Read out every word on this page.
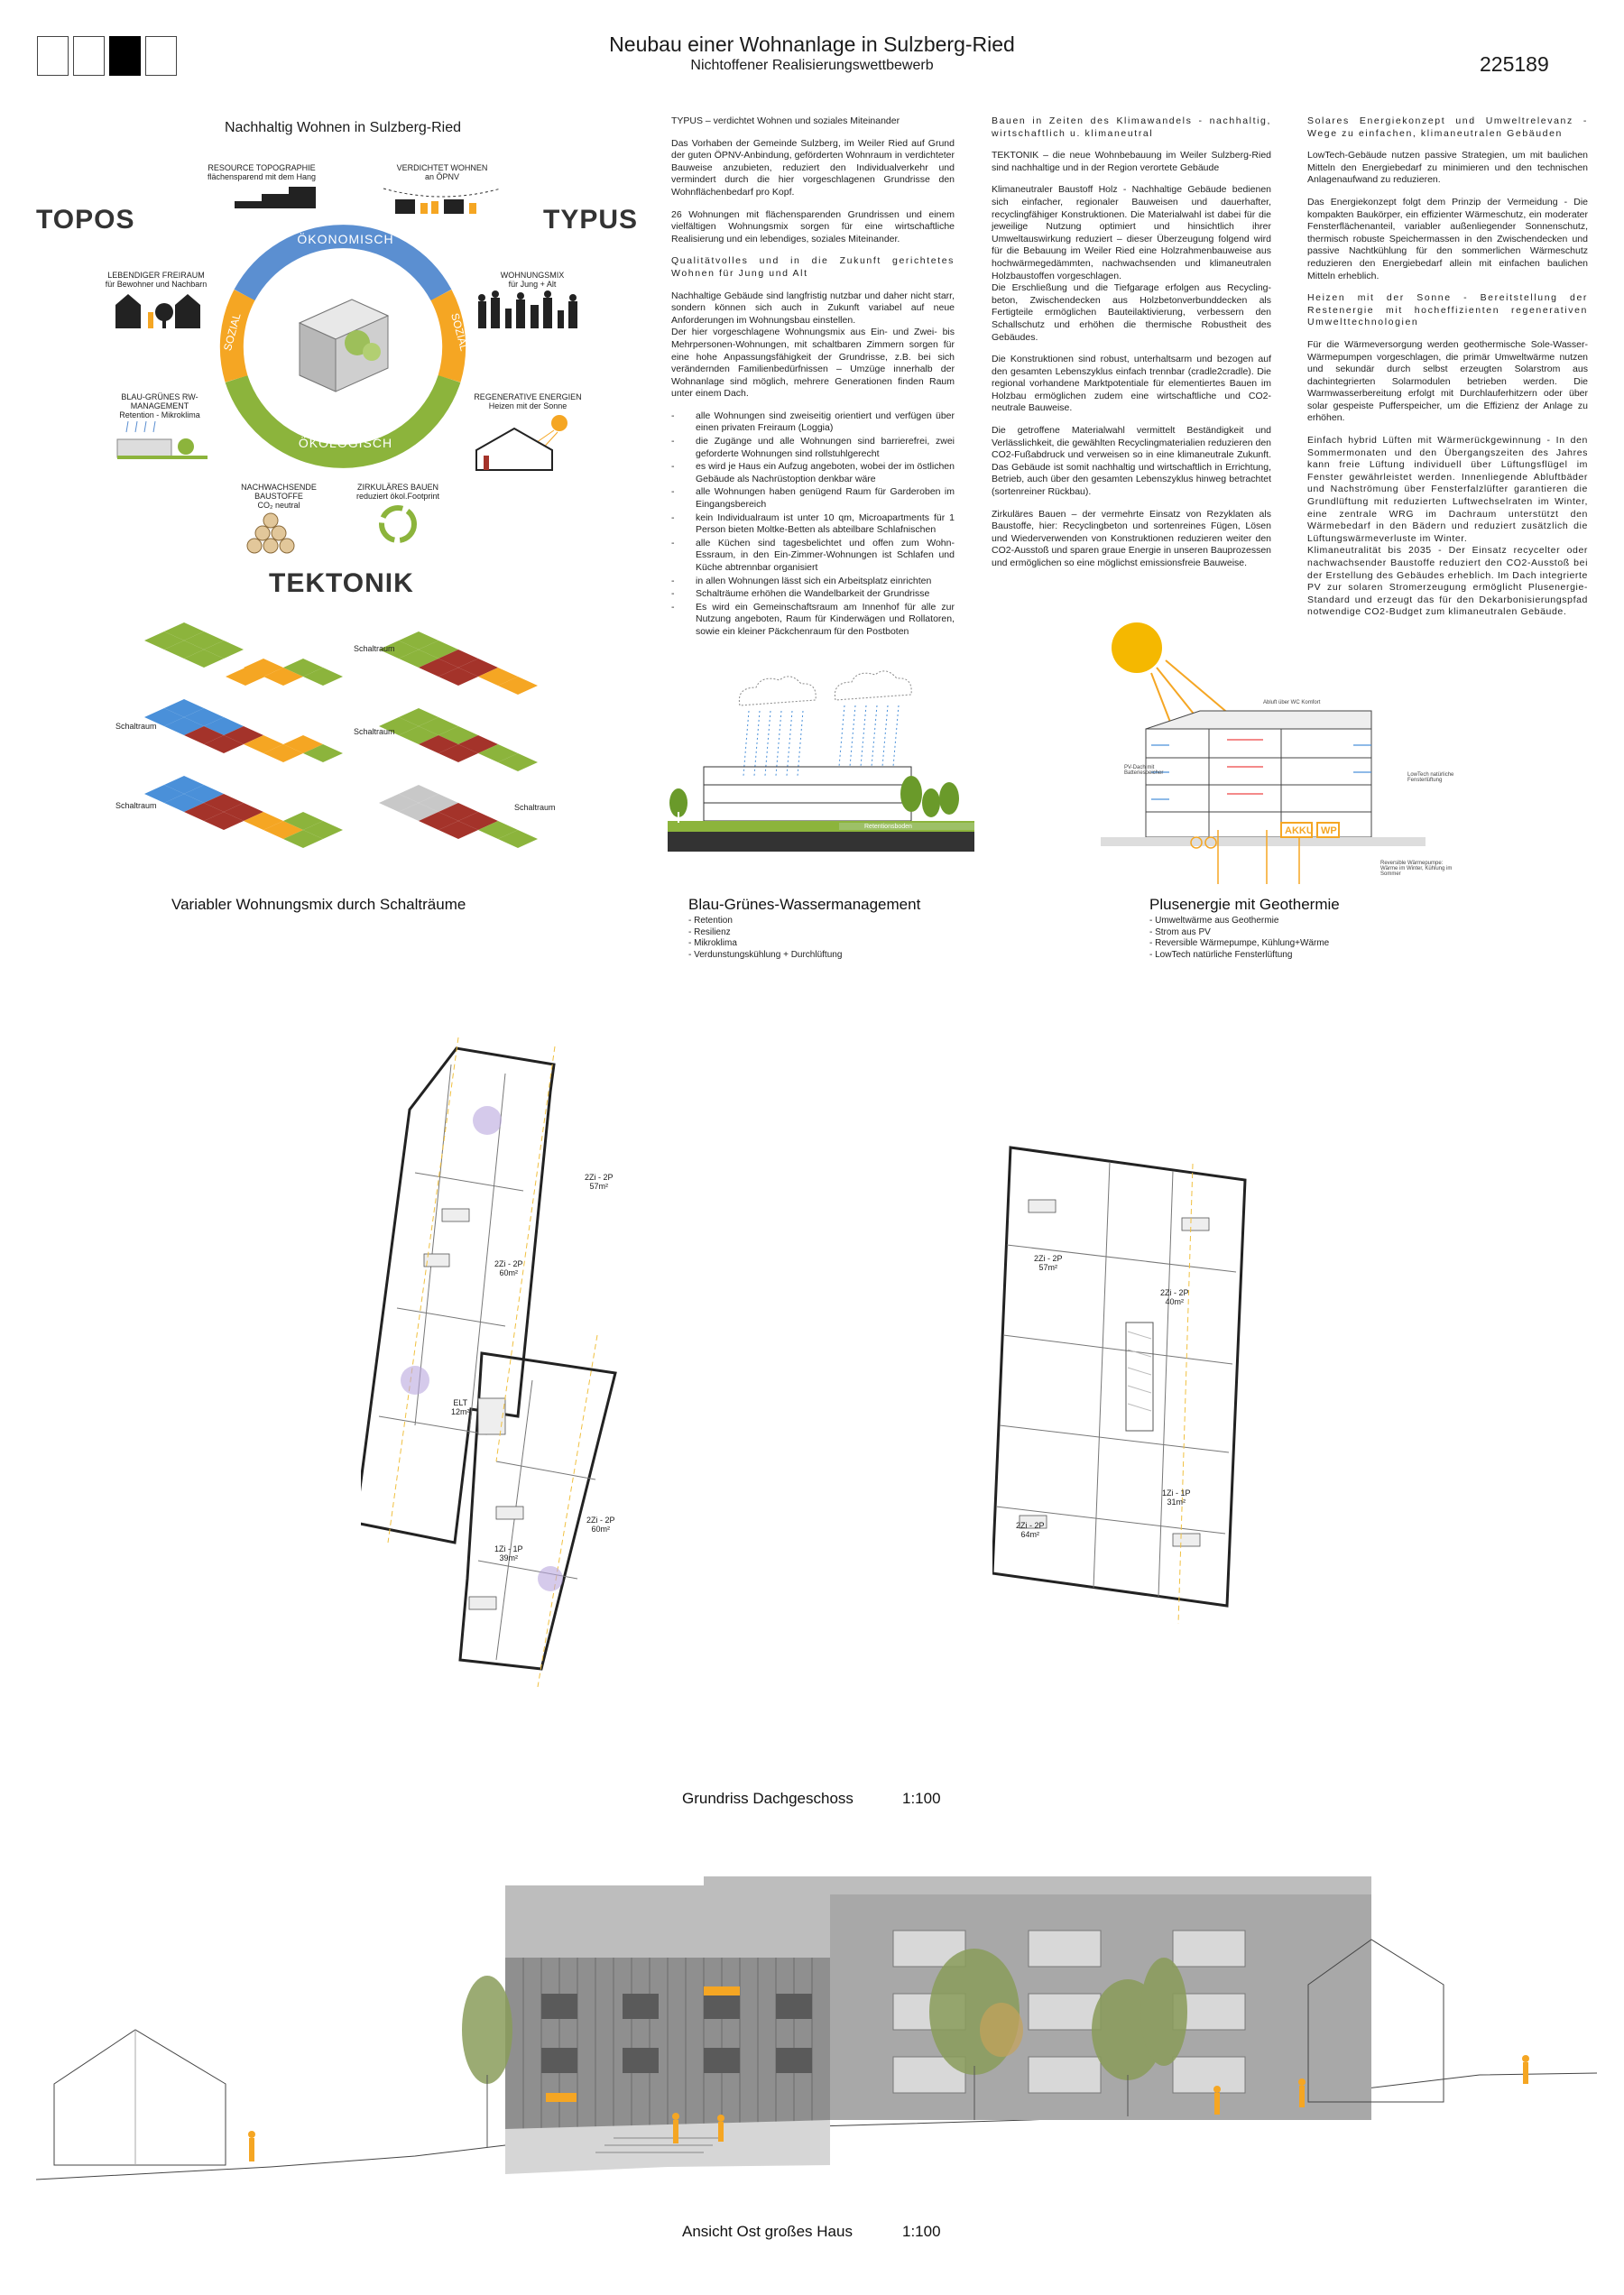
Neubau einer Wohnanlage in Sulzberg-Ried
Nichtoffener Realisierungswettbewerb	225189
Nachhaltig Wohnen in Sulzberg-Ried
TOPOS	TYPUS
TEKTONIK
ÖKONOMISCH
ÖKOLOGISCH
SOZIAL	SOZIAL
RESOURCE TOPOGRAPHIE
flächensparend mit dem Hang
VERDICHTET WOHNEN
an ÖPNV
LEBENDIGER FREIRAUM
für Bewohner und Nachbarn
WOHNUNGSMIX
für Jung + Alt
BLAU-GRÜNES RW-MANAGEMENT
Retention - Mikroklima
REGENERATIVE ENERGIEN
Heizen mit der Sonne
NACHWACHSENDE BAUSTOFFE
CO₂ neutral
ZIRKULÄRES BAUEN
reduziert ökol.Footprint

TYPUS – verdichtet Wohnen und soziales Miteinander

Das Vorhaben der Gemeinde Sulzberg, im Weiler Ried auf Grund der guten ÖPNV-Anbindung, geförderten Wohnraum in verdichteter Bauweise anzubieten, reduziert den Individualverkehr und vermindert durch die hier vorgeschlagenen Grundrisse den Wohnflächenbedarf pro Kopf.

26 Wohnungen mit flächensparenden Grundrissen und einem vielfältigen Wohnungsmix sorgen für eine wirtschaftliche Realisierung und ein lebendiges, soziales Miteinander.

Qualitätvolles und in die Zukunft gerichtetes Wohnen für Jung und Alt

Nachhaltige Gebäude sind langfristig nutzbar und daher nicht starr, sondern können sich auch in Zukunft variabel auf neue Anforderungen im Wohnungsbau einstellen.

Der hier vorgeschlagene Wohnungsmix aus Ein- und Zwei- bis Mehrpersonen-Wohnungen, mit schaltbaren Zimmern sorgen für eine hohe Anpassungsfähigkeit der Grundrisse, z.B. bei sich verändernden Familienbedürfnissen – Umzüge innerhalb der Wohnanlage sind möglich, mehrere Generationen finden Raum unter einem Dach.

- alle Wohnungen sind zweiseitig orientiert und verfügen über einen privaten Freiraum (Loggia)
- die Zugänge und alle Wohnungen sind barrierefrei, zwei geforderte Wohnungen sind rollstuhlgerecht
- es wird je Haus ein Aufzug angeboten, wobei der im östlichen Gebäude als Nachrüstoption denkbar wäre
- alle Wohnungen haben genügend Raum für Garderoben im Eingangsbereich
- kein Individualraum ist unter 10 qm, Microapartments für 1 Person bieten Moltke-Betten als abteilbare Schlafnischen
- alle Küchen sind tagesbelichtet und offen zum Wohn-Essraum, in den Ein-Zimmer-Wohnungen ist Schlafen und Küche abtrennbar organisiert
- in allen Wohnungen lässt sich ein Arbeitsplatz einrichten
- Schalträume erhöhen die Wandelbarkeit der Grundrisse
- Es wird ein Gemeinschaftsraum am Innenhof für alle zur Nutzung angeboten, Raum für Kinderwägen und Rollatoren, sowie ein kleiner Päckchenraum für den Postboten

Bauen in Zeiten des Klimawandels - nachhaltig, wirtschaftlich u. klimaneutral

TEKTONIK – die neue Wohnbebauung im Weiler Sulzberg-Ried sind nachhaltige und in der Region verortete Gebäude

Klimaneutraler Baustoff Holz - Nachhaltige Gebäude bedienen sich einfacher, regionaler Bauweisen und dauerhafter, recyclingfähiger Konstruktionen. Die Materialwahl ist dabei für die jeweilige Nutzung optimiert und hinsichtlich ihrer Umweltauswirkung reduziert – dieser Überzeugung folgend wird für die Bebauung im Weiler Ried eine Holzrahmenbauweise aus hochwärmegedämmten, nachwachsenden und klimaneutralen Holzbaustoffen vorgeschlagen.

Die Erschließung und die Tiefgarage erfolgen aus Recycling-beton, Zwischendecken aus Holzbetonverbunddecken als Fertigteile ermöglichen Bauteilaktivierung, verbessern den Schallschutz und erhöhen die thermische Robustheit des Gebäudes.

Die Konstruktionen sind robust, unterhaltsarm und bezogen auf den gesamten Lebenszyklus einfach trennbar (cradle2cradle). Die regional vorhandene Marktpotentiale für elementiertes Bauen im Holzbau ermöglichen zudem eine wirtschaftliche und CO2-neutrale Bauweise.

Die getroffene Materialwahl vermittelt Beständigkeit und Verlässlichkeit, die gewählten Recyclingmaterialien reduzieren den CO2-Fußabdruck und verweisen so in eine klimaneutrale Zukunft. Das Gebäude ist somit nachhaltig und wirtschaftlich in Errichtung, Betrieb, auch über den gesamten Lebenszyklus hinweg betrachtet (sortenreiner Rückbau).

Zirkuläres Bauen – der vermehrte Einsatz von Rezyklaten als Baustoffe, hier: Recyclingbeton und sortenreines Fügen, Lösen und Wiederverwenden von Konstruktionen reduzieren weiter den CO2-Ausstoß und sparen graue Energie in unseren Bauprozessen und ermöglichen so eine möglichst emissionsfreie Bauweise.

Solares Energiekonzept und Umweltrelevanz - Wege zu einfachen, klimaneutralen Gebäuden

LowTech-Gebäude nutzen passive Strategien, um mit baulichen Mitteln den Energiebedarf zu minimieren und den technischen Anlagenaufwand zu reduzieren.

Das Energiekonzept folgt dem Prinzip der Vermeidung - Die kompakten Baukörper, ein effizienter Wärmeschutz, ein moderater Fensterflächenanteil, variabler außenliegender Sonnenschutz, thermisch robuste Speichermassen in den Zwischendecken und passive Nachtkühlung für den sommerlichen Wärmeschutz reduzieren den Energiebedarf allein mit einfachen baulichen Mitteln erheblich.

Heizen mit der Sonne - Bereitstellung der Restenergie mit hocheffizienten regenerativen Umwelttechnologien

Für die Wärmeversorgung werden geothermische Sole-Wasser-Wärmepumpen vorgeschlagen, die primär Umweltwärme nutzen und sekundär durch selbst erzeugten Solarstrom aus dachintegrierten Solarmodulen betrieben werden. Die Warmwasserbereitung erfolgt mit Durchlauferhitzern oder über solar gespeiste Pufferspeicher, um die Effizienz der Anlage zu erhöhen.

Einfach hybrid Lüften mit Wärmerückgewinnung - In den Sommermonaten und den Übergangszeiten des Jahres kann freie Lüftung individuell über Lüftungsflügel im Fenster gewährleistet werden. Innenliegende Abluftbäder und Nachströmung über Fensterfalzlüfter garantieren die Grundlüftung mit reduzierten Luftwechselraten im Winter, eine zentrale WRG im Dachraum unterstützt den Wärmebedarf in den Bädern und reduziert zusätzlich die Lüftungswärmeverluste im Winter.

Klimaneutralität bis 2035 - Der Einsatz recycelter oder nachwachsender Baustoffe reduziert den CO2-Ausstoß bei der Erstellung des Gebäudes erheblich. Im Dach integrierte PV zur solaren Stromerzeugung ermöglicht Plusenergie-Standard und erzeugt das für den Dekarbonisierungspfad notwendige CO2-Budget zum klimaneutralen Gebäude.

Schaltraum
Schaltraum
Schaltraum
Schaltraum	Schaltraum
Variabler Wohnungsmix durch Schalträume
Retentionsboden
Blau-Grünes-Wassermanagement
- Retention
- Resilienz
- Mikroklima
- Verdunstungskühlung + Durchlüftung
AKKU WP
Abluft über WC Komfort
PV-Dach mit Batteriespeicher	LowTech natürliche Fensterlüftung
Reversible Wärmepumpe: Wärme im Winter, Kühlung im Sommer
Plusenergie mit Geothermie
- Umweltwärme aus Geothermie
- Strom aus PV
- Reversible Wärmepumpe, Kühlung+Wärme
- LowTech natürliche Fensterlüftung
2Zi - 2P
57m²
2Zi - 2P
60m²
ELT
12m²
2Zi - 2P
60m²
1Zi - 1P
39m²
2Zi - 2P
57m²
2Zi - 2P
40m²
1Zi - 1P
31m²
2Zi - 2P
64m²
Grundriss Dachgeschoss	1:100
Ansicht Ost großes Haus	1:100
